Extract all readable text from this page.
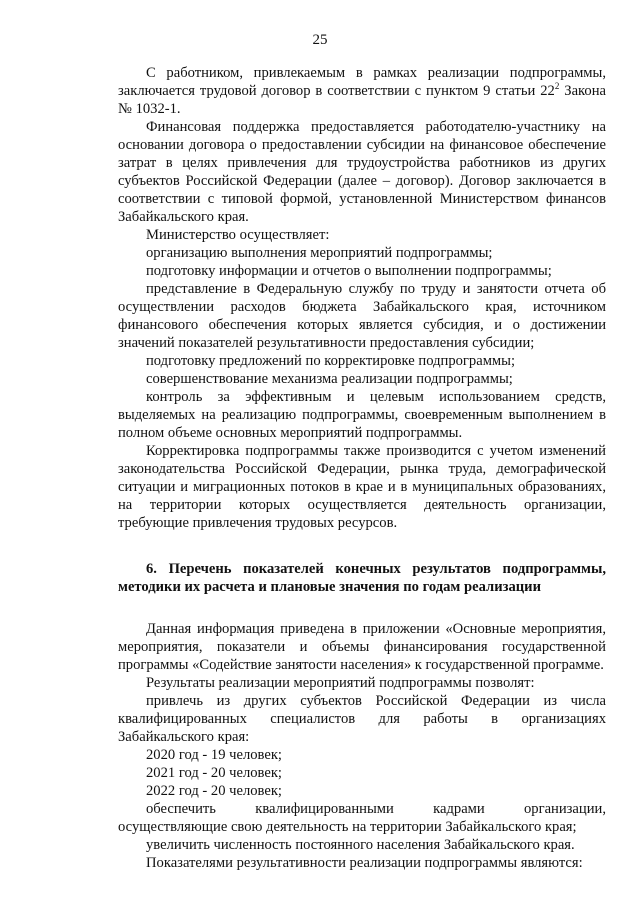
25

С работником, привлекаемым в рамках реализации подпрограммы, заключается трудовой договор в соответствии с пунктом 9 статьи $22^2$ Закона № 1032-1.

Финансовая поддержка предоставляется работодателю-участнику на основании договора о предоставлении субсидии на финансовое обеспечение затрат в целях привлечения для трудоустройства работников из других субъектов Российской Федерации (далее – договор). Договор заключается в соответствии с типовой формой, установленной Министерством финансов Забайкальского края.

Министерство осуществляет:

организацию выполнения мероприятий подпрограммы;

подготовку информации и отчетов о выполнении подпрограммы;

представление в Федеральную службу по труду и занятости отчета об осуществлении расходов бюджета Забайкальского края, источником финансового обеспечения которых является субсидия, и о достижении значений показателей результативности предоставления субсидии;

подготовку предложений по корректировке подпрограммы;

совершенствование механизма реализации подпрограммы;

контроль за эффективным и целевым использованием средств, выделяемых на реализацию подпрограммы, своевременным выполнением в полном объеме основных мероприятий подпрограммы.

Корректировка подпрограммы также производится с учетом изменений законодательства Российской Федерации, рынка труда, демографической ситуации и миграционных потоков в крае и в муниципальных образованиях, на территории которых осуществляется деятельность организации, требующие привлечения трудовых ресурсов.

6. Перечень показателей конечных результатов подпрограммы, методики их расчета и плановые значения по годам реализации

Данная информация приведена в приложении «Основные мероприятия, мероприятия, показатели и объемы финансирования государственной программы «Содействие занятости населения» к государственной программе.

Результаты реализации мероприятий подпрограммы позволят:

привлечь из других субъектов Российской Федерации из числа квалифицированных специалистов для работы в организациях Забайкальского края:

2020 год - 19 человек;

2021 год - 20 человек;

2022 год - 20 человек;

обеспечить квалифицированными кадрами организации, осуществляющие свою деятельность на территории Забайкальского края;

увеличить численность постоянного населения Забайкальского края.

Показателями результативности реализации подпрограммы являются:
